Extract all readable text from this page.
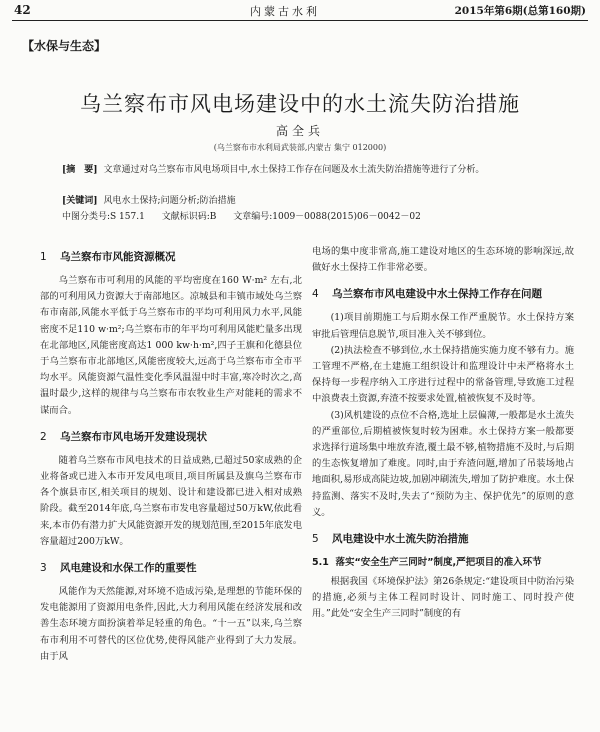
42	内蒙古水利	2015年第6期(总第160期)
【水保与生态】
乌兰察布市风电场建设中的水土流失防治措施
高全兵
(乌兰察布市水利局武装部,内蒙古 集宁 012000)
[摘　要] 文章通过对乌兰察布市风电场项目中,水土保持工作存在问题及水土流失防治措施等进行了分析。
[关键词] 风电水土保持;问题分析;防治措施
中图分类号:S 157.1 文献标识码:B 文章编号:1009－0088(2015)06－0042－02
1 乌兰察布市风能资源概况

乌兰察布市可利用的风能的平均密度在160 W·m² 左右,北部的可利用风力资源大于南部地区。凉城县和丰镇市域处乌兰察布市南部,风能水平低于乌兰察布市的平均可利用风力水平,风能密度不足110 w·m²;乌兰察布市的年平均可利用风能贮量多出现在北部地区,风能密度高达1 000 kw·h·m²,四子王旗和化德县位于乌兰察布市北部地区,风能密度较大,远高于乌兰察布市全市平均水平。风能资源气温性变化季风温湿中时丰富,寒冷时次之,高温时最少,这样的规律与乌兰察布市农牧业生产对能耗的需求不谋而合。

2 乌兰察布市风电场开发建设现状

随着乌兰察布市风电技术的日益成熟,已超过50家成熟的企业将备或已进入本市开发风电项目,项目所属县及旗乌兰察布市各个旗县市区,相关项目的规划、设计和建设都已进入相对成熟阶段。截至2014年底,乌兰察布市发电容量超过50万kW,依此看来,本市仍有潜力扩大风能资源开发的规划范围,至2015年底发电容量超过200万kW。

3 风电建设和水保工作的重要性

风能作为天然能源,对环境不造成污染,是理想的节能环保的发电能源用了资源用电条件,因此,大力利用风能在经济发展和改善生态环境方面扮演着举足轻重的角色。“十一五”以来,乌兰察布市利用不可替代的区位优势,使得风能产业得到了大力发展。由于风

电场的集中度非常高,施工建设对地区的生态环境的影响深远,故做好水土保持工作非常必要。

4 乌兰察布市风电建设中水土保持工作存在问题

(1)项目前期施工与后期水保工作严重脱节。水土保持方案审批后管理信息脱节,项目准入关不够到位。

(2)执法检查不够到位,水土保持措施实施力度不够有力。施工管理不严格,在土建施工组织设计和监理设计中未严格将水土保持每一步程序纳入工序进行过程中的常备管理,导致施工过程中浪费表土资源,弃渣不按要求处置,植被恢复不及时等。

(3)风机建设的点位不合格,选址上层偏薄,一般都是水土流失的严重部位,后期植被恢复时较为困难。水土保持方案一般都要求选择行道场集中堆放弃渣,覆土最不够,植物措施不及时,与后期的生态恢复增加了难度。同时,由于弃渣问题,增加了吊装场地占地面积,易形成高陡边坡,加剧冲刷流失,增加了防护难度。水土保持监测、落实不及时,失去了“预防为主、保护优先”的原则的意义。

5 风电建设中水土流失防治措施
5.1 落实“安全生产三同时”制度,严把项目的准入环节

根据我国《环境保护法》第26条规定:“建设项目中防治污染的措施,必须与主体工程同时设计、同时施工、同时投产使用。”此处“安全生产三同时”制度的有
